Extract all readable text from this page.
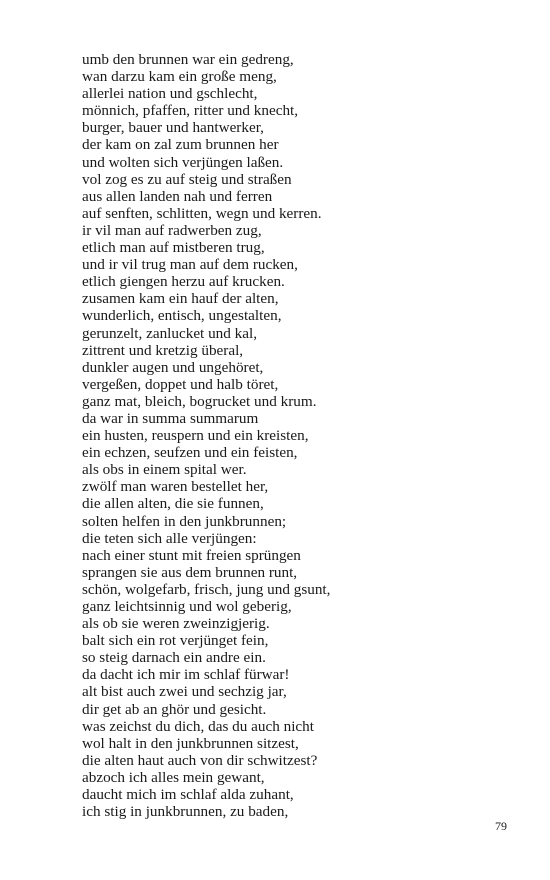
umb den brunnen war ein gedreng,
wan darzu kam ein große meng,
allerlei nation und gschlecht,
mönnich, pfaffen, ritter und knecht,
burger, bauer und hantwerker,
der kam on zal zum brunnen her
und wolten sich verjüngen laßen.
vol zog es zu auf steig und straßen
aus allen landen nah und ferren
auf senften, schlitten, wegn und kerren.
ir vil man auf radwerben zug,
etlich man auf mistberen trug,
und ir vil trug man auf dem rucken,
etlich giengen herzu auf krucken.
zusamen kam ein hauf der alten,
wunderlich, entisch, ungestalten,
gerunzelt, zanlucket und kal,
zittrent und kretzig überal,
dunkler augen und ungehöret,
vergeßen, doppet und halb töret,
ganz mat, bleich, bogrucket und krum.
da war in summa summarum
ein husten, reuspern und ein kreisten,
ein echzen, seufzen und ein feisten,
als obs in einem spital wer.
zwölf man waren bestellet her,
die allen alten, die sie funnen,
solten helfen in den junkbrunnen;
die teten sich alle verjüngen:
nach einer stunt mit freien sprüngen
sprangen sie aus dem brunnen runt,
schön, wolgefarb, frisch, jung und gsunt,
ganz leichtsinnig und wol geberig,
als ob sie weren zweinzigjerig.
balt sich ein rot verjünget fein,
so steig darnach ein andre ein.
da dacht ich mir im schlaf fürwar!
alt bist auch zwei und sechzig jar,
dir get ab an ghör und gesicht.
was zeichst du dich, das du auch nicht
wol halt in den junkbrunnen sitzest,
die alten haut auch von dir schwitzest?
abzoch ich alles mein gewant,
daucht mich im schlaf alda zuhant,
ich stig in junkbrunnen, zu baden,
79
